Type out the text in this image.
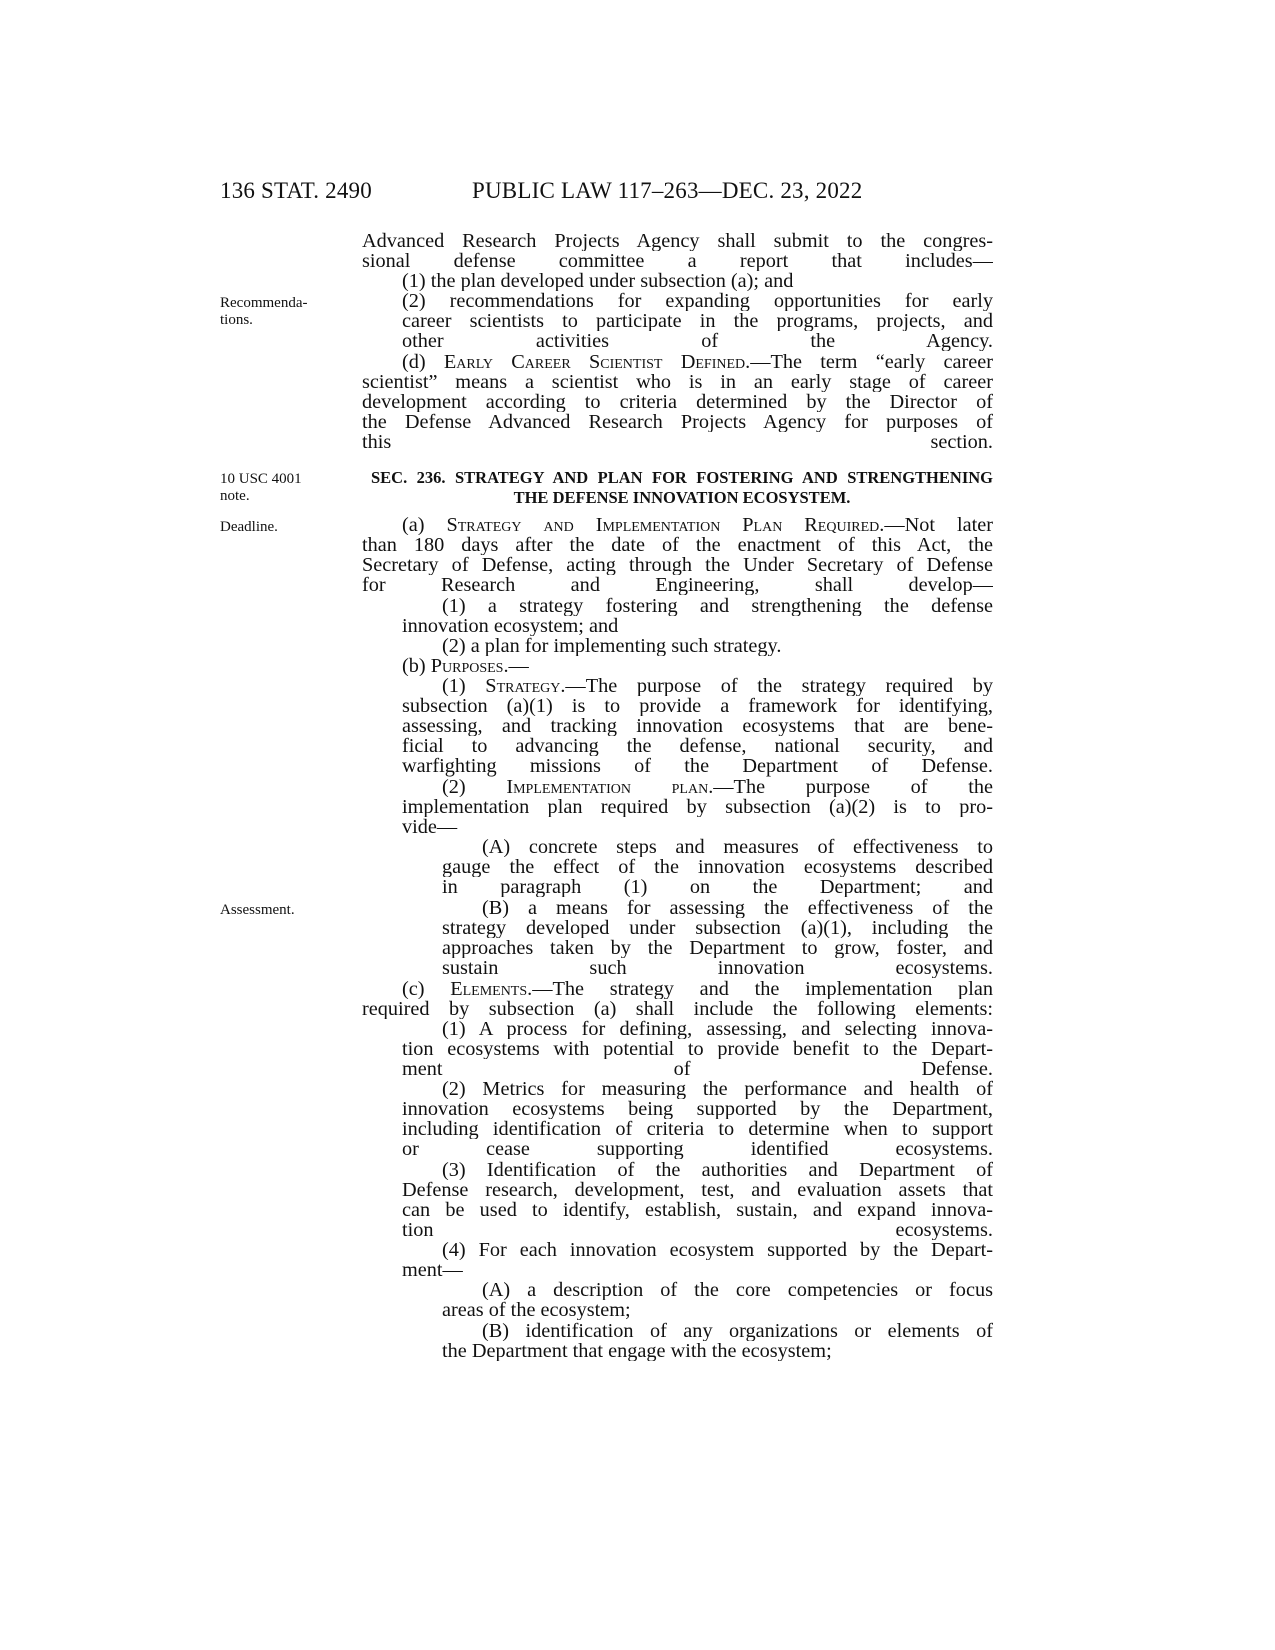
136 STAT. 2490	PUBLIC LAW 117–263—DEC. 23, 2022
Recommenda-
tions.
10 USC 4001
note.
Deadline.
Assessment.
Advanced Research Projects Agency shall submit to the congres-
sional defense committee a report that includes—
(1) the plan developed under subsection (a); and
(2) recommendations for expanding opportunities for early
career scientists to participate in the programs, projects, and
other activities of the Agency.
(d) Early Career Scientist Defined.—The term “early career
scientist” means a scientist who is in an early stage of career
development according to criteria determined by the Director of
the Defense Advanced Research Projects Agency for purposes of
this section.
SEC. 236. STRATEGY AND PLAN FOR FOSTERING AND STRENGTHENING
THE DEFENSE INNOVATION ECOSYSTEM.
(a) Strategy and Implementation Plan Required.—Not later
than 180 days after the date of the enactment of this Act, the
Secretary of Defense, acting through the Under Secretary of Defense
for Research and Engineering, shall develop—
(1) a strategy fostering and strengthening the defense
innovation ecosystem; and
(2) a plan for implementing such strategy.
(b) Purposes.—
(1) Strategy.—The purpose of the strategy required by
subsection (a)(1) is to provide a framework for identifying,
assessing, and tracking innovation ecosystems that are bene-
ficial to advancing the defense, national security, and
warfighting missions of the Department of Defense.
(2) Implementation plan.—The purpose of the
implementation plan required by subsection (a)(2) is to pro-
vide—
(A) concrete steps and measures of effectiveness to
gauge the effect of the innovation ecosystems described
in paragraph (1) on the Department; and
(B) a means for assessing the effectiveness of the
strategy developed under subsection (a)(1), including the
approaches taken by the Department to grow, foster, and
sustain such innovation ecosystems.
(c) Elements.—The strategy and the implementation plan
required by subsection (a) shall include the following elements:
(1) A process for defining, assessing, and selecting innova-
tion ecosystems with potential to provide benefit to the Depart-
ment of Defense.
(2) Metrics for measuring the performance and health of
innovation ecosystems being supported by the Department,
including identification of criteria to determine when to support
or cease supporting identified ecosystems.
(3) Identification of the authorities and Department of
Defense research, development, test, and evaluation assets that
can be used to identify, establish, sustain, and expand innova-
tion ecosystems.
(4) For each innovation ecosystem supported by the Depart-
ment—
(A) a description of the core competencies or focus
areas of the ecosystem;
(B) identification of any organizations or elements of
the Department that engage with the ecosystem;
